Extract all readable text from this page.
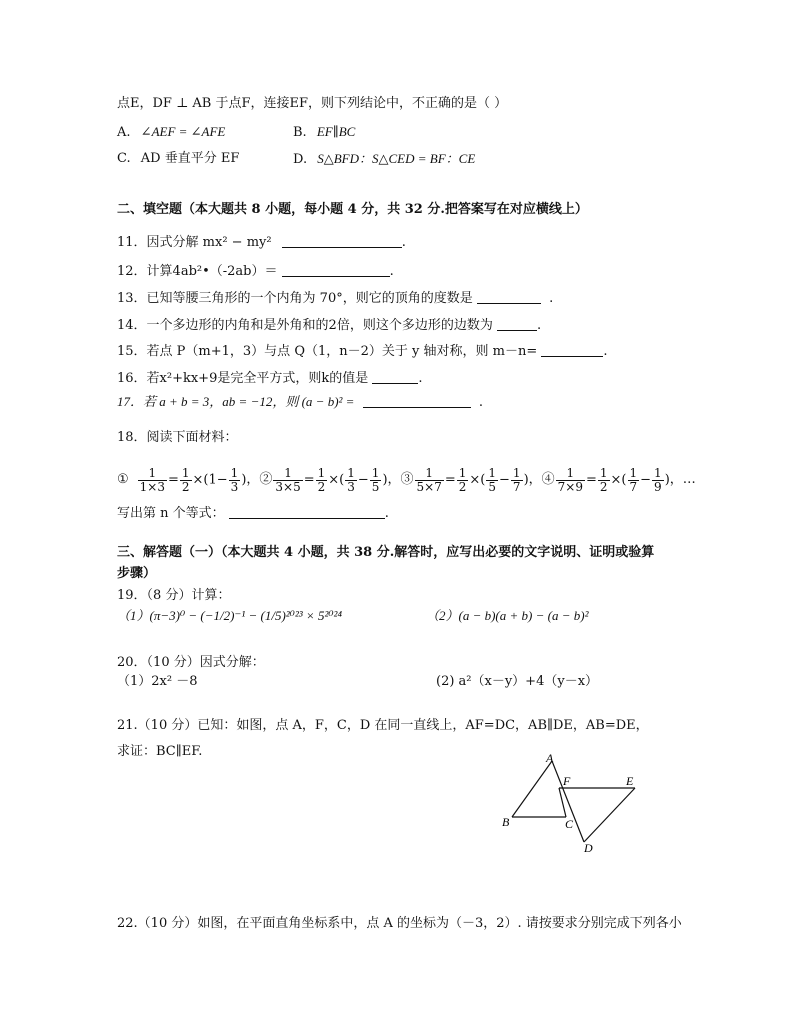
点E，DF ⊥ AB 于点F，连接EF，则下列结论中，不正确的是（ ）
A. ∠AEF = ∠AFE	B. EF∥BC
C. AD 垂直平分 EF	D. S△BFD：S△CED = BF：CE
二、填空题（本大题共 8 小题，每小题 4 分，共 32 分.把答案写在对应横线上）
11．因式分解 mx² − my²	.
12．计算4ab²•（-2ab）＝	.
13．已知等腰三角形的一个内角为 70°，则它的顶角的度数是	.
14．一个多边形的内角和是外角和的2倍，则这个多边形的边数为	.
15．若点 P（m+1，3）与点 Q（1，n－2）关于 y 轴对称，则 m－n=	.
16．若x²+kx+9是完全平方式，则k的值是	.
17．若 a + b = 3，ab = −12，则 (a − b)² =	.
18．阅读下面材料：
① $\frac{1}{1\times 3} = \frac{1}{2} \times(1- \frac{1}{3}$ ) ，② $\frac{1}{3\times 5} = \frac{1}{2}$ ×( $\frac{1}{3} - \frac{1}{5}$ ) ，③ $\frac{1}{5\times 7} = \frac{1}{2}$ ×( $\frac{1}{5} - \frac{1}{7}$ ) ，④ $\frac{1}{7\times 9} = \frac{1}{2}$ ×( $\frac{1}{7} - \frac{1}{9}$ ) ，…
写出第 n 个等式：	.
三、解答题（一）（本大题共 4 小题，共 38 分.解答时，应写出必要的文字说明、证明或验算
步骤）
19．（8 分）计算：
（1）(π−3)⁰ − (−1/2)⁻¹ − (1/5)²⁰²³ × 5²⁰²⁴	（2）(a − b)(a + b) − (a − b)²
20．（10 分）因式分解：
（1）2x² －8	(2) a²（x－y）+4（y－x）
21.（10 分）已知：如图，点 A，F，C，D 在同一直线上，AF=DC，AB∥DE，AB=DE，
求证：BC∥EF.	A
F	E
B	C
D
22.（10 分）如图，在平面直角坐标系中，点 A 的坐标为（－3，2）. 请按要求分别完成下列各小
